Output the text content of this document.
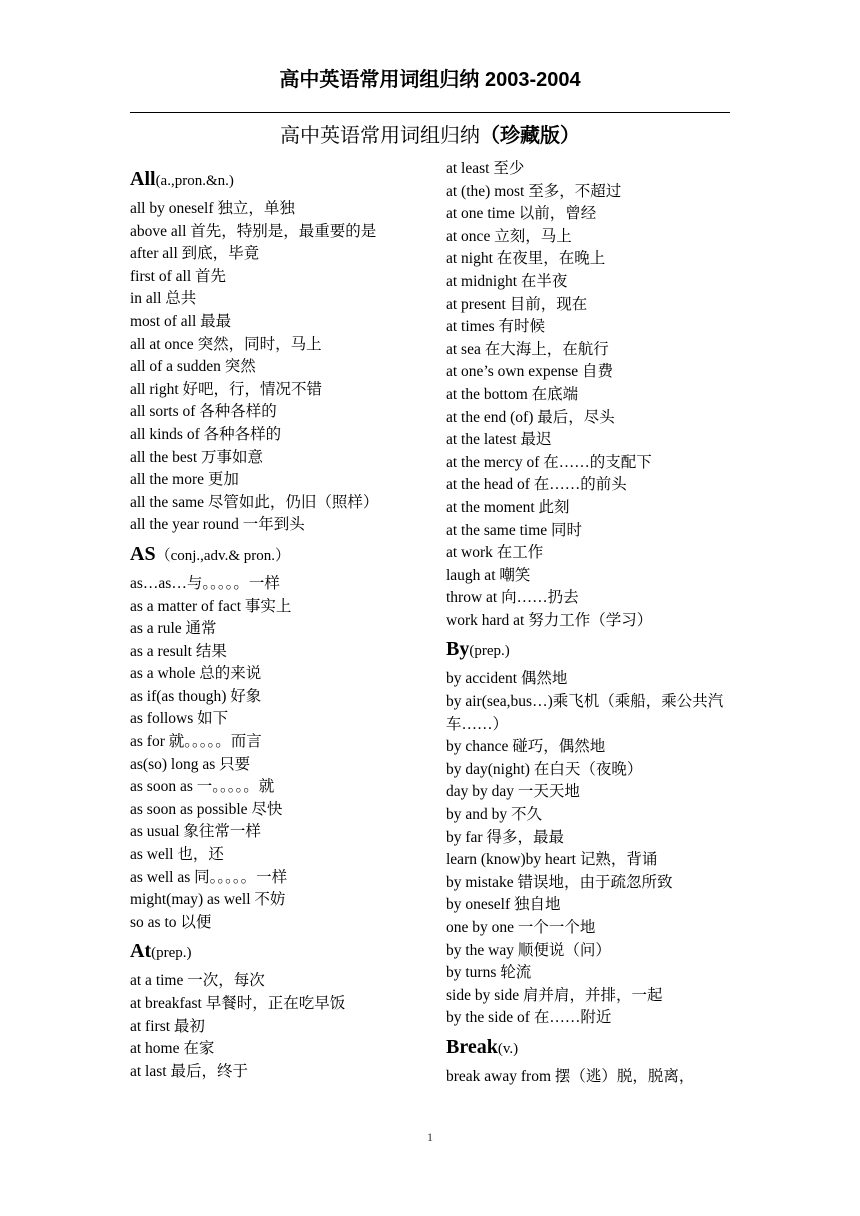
高中英语常用词组归纳 2003-2004
高中英语常用词组归纳（珍藏版）
All(a.,pron.&n.)
all by oneself 独立，单独
above all 首先，特别是，最重要的是
after all 到底，毕竟
first of all 首先
in all 总共
most of all 最最
all at once 突然，同时，马上
all of a sudden 突然
all right 好吧，行，情况不错
all sorts of 各种各样的
all kinds of 各种各样的
all the best 万事如意
all the more 更加
all the same 尽管如此，仍旧（照样）
all the year round 一年到头
AS（conj.,adv.& pron.）
as…as…与。。。。。一样
as a matter of fact 事实上
as a rule 通常
as a result 结果
as a whole 总的来说
as if(as though) 好象
as follows 如下
as for 就。。。。。而言
as(so) long as 只要
as soon as 一。。。。。就
as soon as possible 尽快
as usual 象往常一样
as well 也，还
as well as 同。。。。。一样
might(may) as well 不妨
so as to 以便
At(prep.)
at a time 一次，每次
at breakfast 早餐时，正在吃早饭
at first 最初
at home 在家
at last 最后，终于
at least 至少
at (the) most 至多，不超过
at one time 以前，曾经
at once 立刻，马上
at night 在夜里，在晚上
at midnight 在半夜
at present 目前，现在
at times 有时候
at sea 在大海上，在航行
at one’s own expense 自费
at the bottom 在底端
at the end (of) 最后，尽头
at the latest 最迟
at the mercy of 在……的支配下
at the head of 在……的前头
at the moment 此刻
at the same time 同时
at work 在工作
laugh at 嘲笑
throw at 向……扔去
work hard at 努力工作（学习）
By(prep.)
by accident 偶然地
by air(sea,bus…)乘飞机（乘船，乘公共汽车……）
by chance 碰巧，偶然地
by day(night) 在白天（夜晚）
day by day 一天天地
by and by 不久
by far 得多，最最
learn (know)by heart 记熟，背诵
by mistake 错误地，由于疏忽所致
by oneself 独自地
one by one 一个一个地
by the way 顺便说（问）
by turns 轮流
side by side 肩并肩，并排，一起
by the side of 在……附近
Break(v.)
break away from 摆（逃）脱，脱离，
1
